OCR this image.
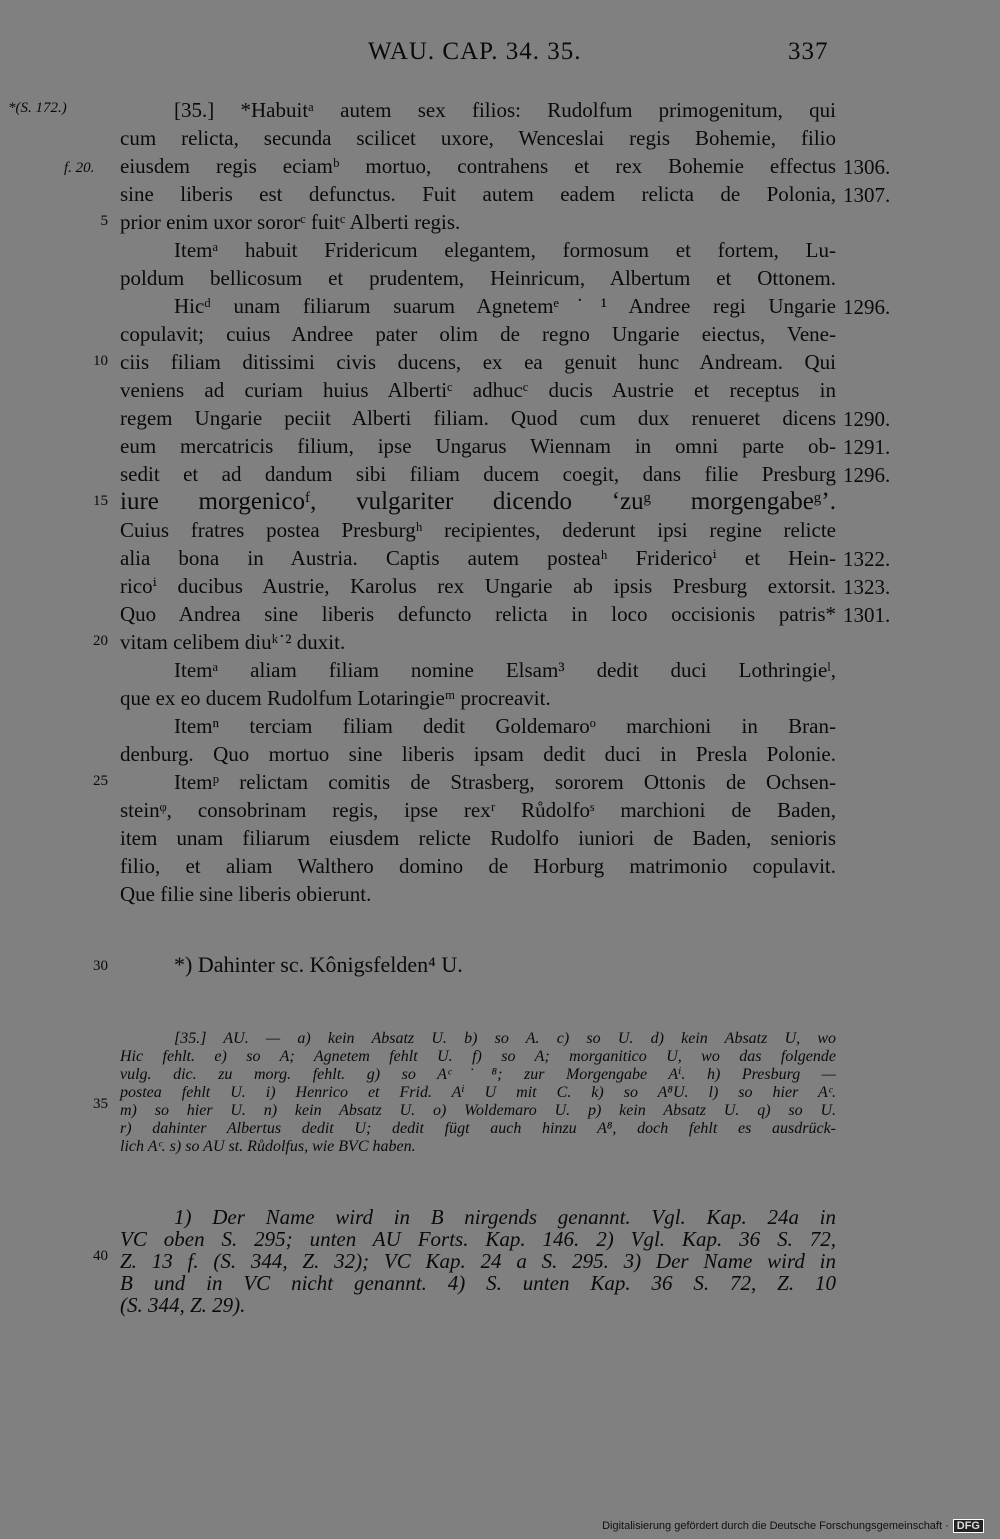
WAU. CAP. 34. 35.	337
*(S. 172.)
f. 20.
[35.] *Habuitᵃ autem sex filios: Rudolfum primogenitum, qui
cum relicta, secunda scilicet uxore, Wenceslai regis Bohemie, filio
eiusdem regis eciamᵇ mortuo, contrahens et rex Bohemie effectus
sine liberis est defunctus. Fuit autem eadem relicta de Polonia,
prior enim uxor sororᶜ fuitᶜ Alberti regis.
Itemᵃ habuit Fridericum elegantem, formosum et fortem, Lu-
poldum bellicosum et prudentem, Heinricum, Albertum et Ottonem.
Hicᵈ unam filiarum suarum Agnetemᵉ˙¹ Andree regi Ungarie
copulavit; cuius Andree pater olim de regno Ungarie eiectus, Vene-
ciis filiam ditissimi civis ducens, ex ea genuit hunc Andream. Qui
veniens ad curiam huius Albertiᶜ adhucᶜ ducis Austrie et receptus in
regem Ungarie peciit Alberti filiam. Quod cum dux renueret dicens
eum mercatricis filium, ipse Ungarus Wiennam in omni parte ob-
sedit et ad dandum sibi filiam ducem coegit, dans filie Presburg
iure morgenicoᶠ, vulgariter dicendo ‘zuᵍ morgengabeᵍ’.
Cuius fratres postea Presburgʰ recipientes, dederunt ipsi regine relicte
alia bona in Austria. Captis autem posteaʰ Fridericoⁱ et Hein-
ricoⁱ ducibus Austrie, Karolus rex Ungarie ab ipsis Presburg extorsit.
Quo Andrea sine liberis defuncto relicta in loco occisionis patris*
vitam celibem diuᵏ˙² duxit.
Itemᵃ aliam filiam nomine Elsam³ dedit duci Lothringieˡ,
que ex eo ducem Rudolfum Lotaringieᵐ procreavit.
Itemⁿ terciam filiam dedit Goldemaroᵒ marchioni in Bran-
denburg. Quo mortuo sine liberis ipsam dedit duci in Presla Polonie.
Itemᵖ relictam comitis de Strasberg, sororem Ottonis de Ochsen-
steinᵠ, consobrinam regis, ipse rexʳ Růdolfoˢ marchioni de Baden,
item unam filiarum eiusdem relicte Rudolfo iuniori de Baden, senioris
filio, et aliam Walthero domino de Horburg matrimonio copulavit.
Que filie sine liberis obierunt.
5
10
15
20
25
30
35
40
1306.
1307.
1296.
1290.
1291.
1296.
1322.
1323.
1301.
*) Dahinter sc. Kônigsfelden⁴ U.
[35.] AU. — a) kein Absatz U. b) so A. c) so U. d) kein Absatz U, wo
Hic fehlt. e) so A; Agnetem fehlt U. f) so A; morganitico U, wo das folgende
vulg. dic. zu morg. fehlt. g) so Aᶜ˙⁸; zur Morgengabe Aⁱ. h) Presburg —
postea fehlt U. i) Henrico et Frid. Aⁱ U mit C. k) so A⁸U. l) so hier Aᶜ.
m) so hier U. n) kein Absatz U. o) Woldemaro U. p) kein Absatz U. q) so U.
r) dahinter Albertus dedit U; dedit fügt auch hinzu A⁸, doch fehlt es ausdrück-
lich Aᶜ. s) so AU st. Růdolfus, wie BVC haben.
1) Der Name wird in B nirgends genannt. Vgl. Kap. 24a in
VC oben S. 295; unten AU Forts. Kap. 146. 2) Vgl. Kap. 36 S. 72,
Z. 13 f. (S. 344, Z. 32); VC Kap. 24 a S. 295. 3) Der Name wird in
B und in VC nicht genannt. 4) S. unten Kap. 36 S. 72, Z. 10
(S. 344, Z. 29).
Digitalisierung gefördert durch die Deutsche Forschungsgemeinschaft · DFG
